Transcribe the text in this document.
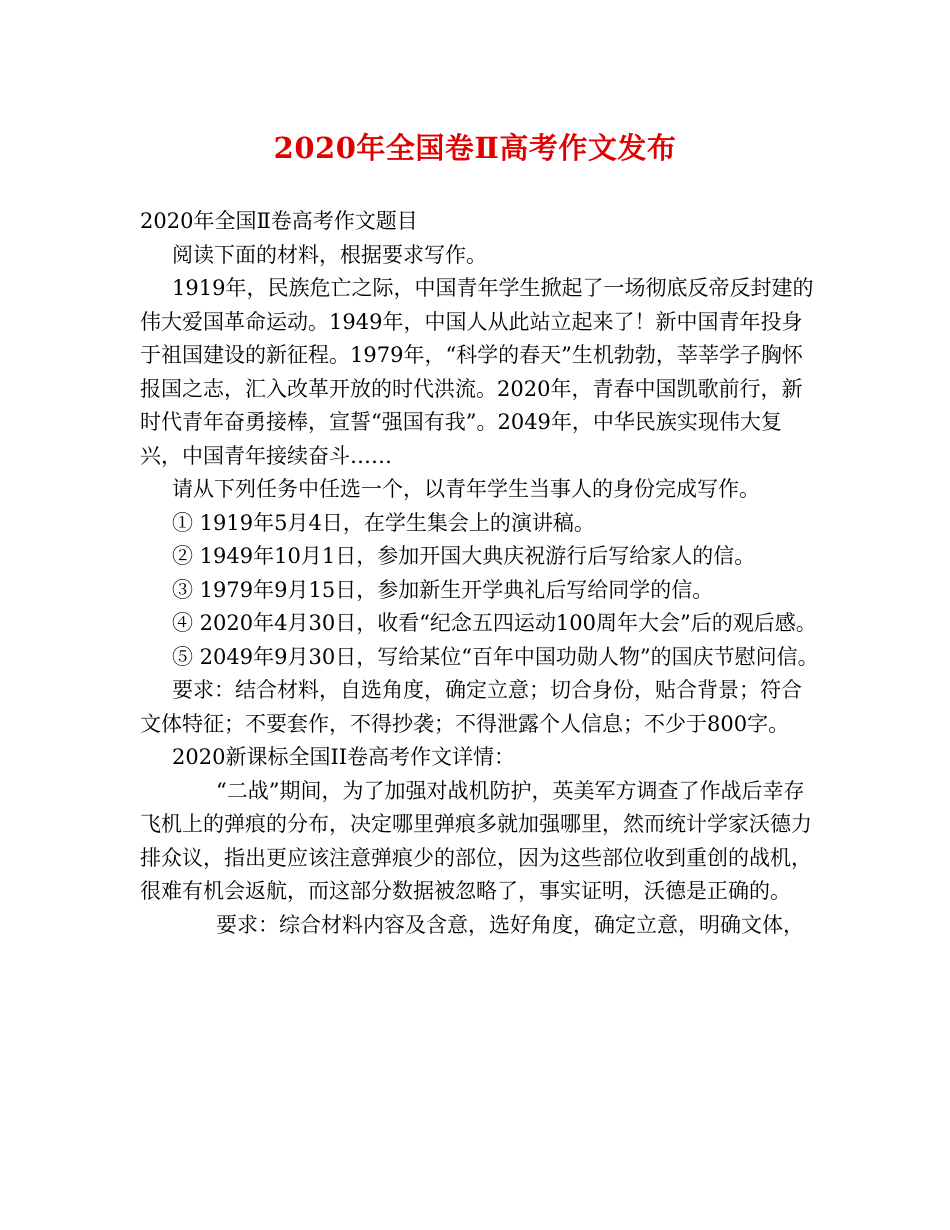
2020年全国卷Ⅱ高考作文发布

2020年全国Ⅱ卷高考作文题目

阅读下面的材料，根据要求写作。

1919年，民族危亡之际，中国青年学生掀起了一场彻底反帝反封建的伟大爱国革命运动。1949年，中国人从此站立起来了！新中国青年投身于祖国建设的新征程。1979年，“科学的春天”生机勃勃，莘莘学子胸怀报国之志，汇入改革开放的时代洪流。2020年，青春中国凯歌前行，新时代青年奋勇接棒，宣誓“强国有我”。2049年，中华民族实现伟大复兴，中国青年接续奋斗……

请从下列任务中任选一个，以青年学生当事人的身份完成写作。

① 1919年5月4日，在学生集会上的演讲稿。

② 1949年10月1日，参加开国大典庆祝游行后写给家人的信。

③ 1979年9月15日，参加新生开学典礼后写给同学的信。

④ 2020年4月30日，收看“纪念五四运动100周年大会”后的观后感。

⑤ 2049年9月30日，写给某位“百年中国功勋人物”的国庆节慰问信。

要求：结合材料，自选角度，确定立意；切合身份，贴合背景；符合文体特征；不要套作，不得抄袭；不得泄露个人信息；不少于800字。

2020新课标全国II卷高考作文详情：

“二战”期间，为了加强对战机防护，英美军方调查了作战后幸存飞机上的弹痕的分布，决定哪里弹痕多就加强哪里，然而统计学家沃德力排众议，指出更应该注意弹痕少的部位，因为这些部位收到重创的战机，很难有机会返航，而这部分数据被忽略了，事实证明，沃德是正确的。

要求：综合材料内容及含意，选好角度，确定立意，明确文体，
